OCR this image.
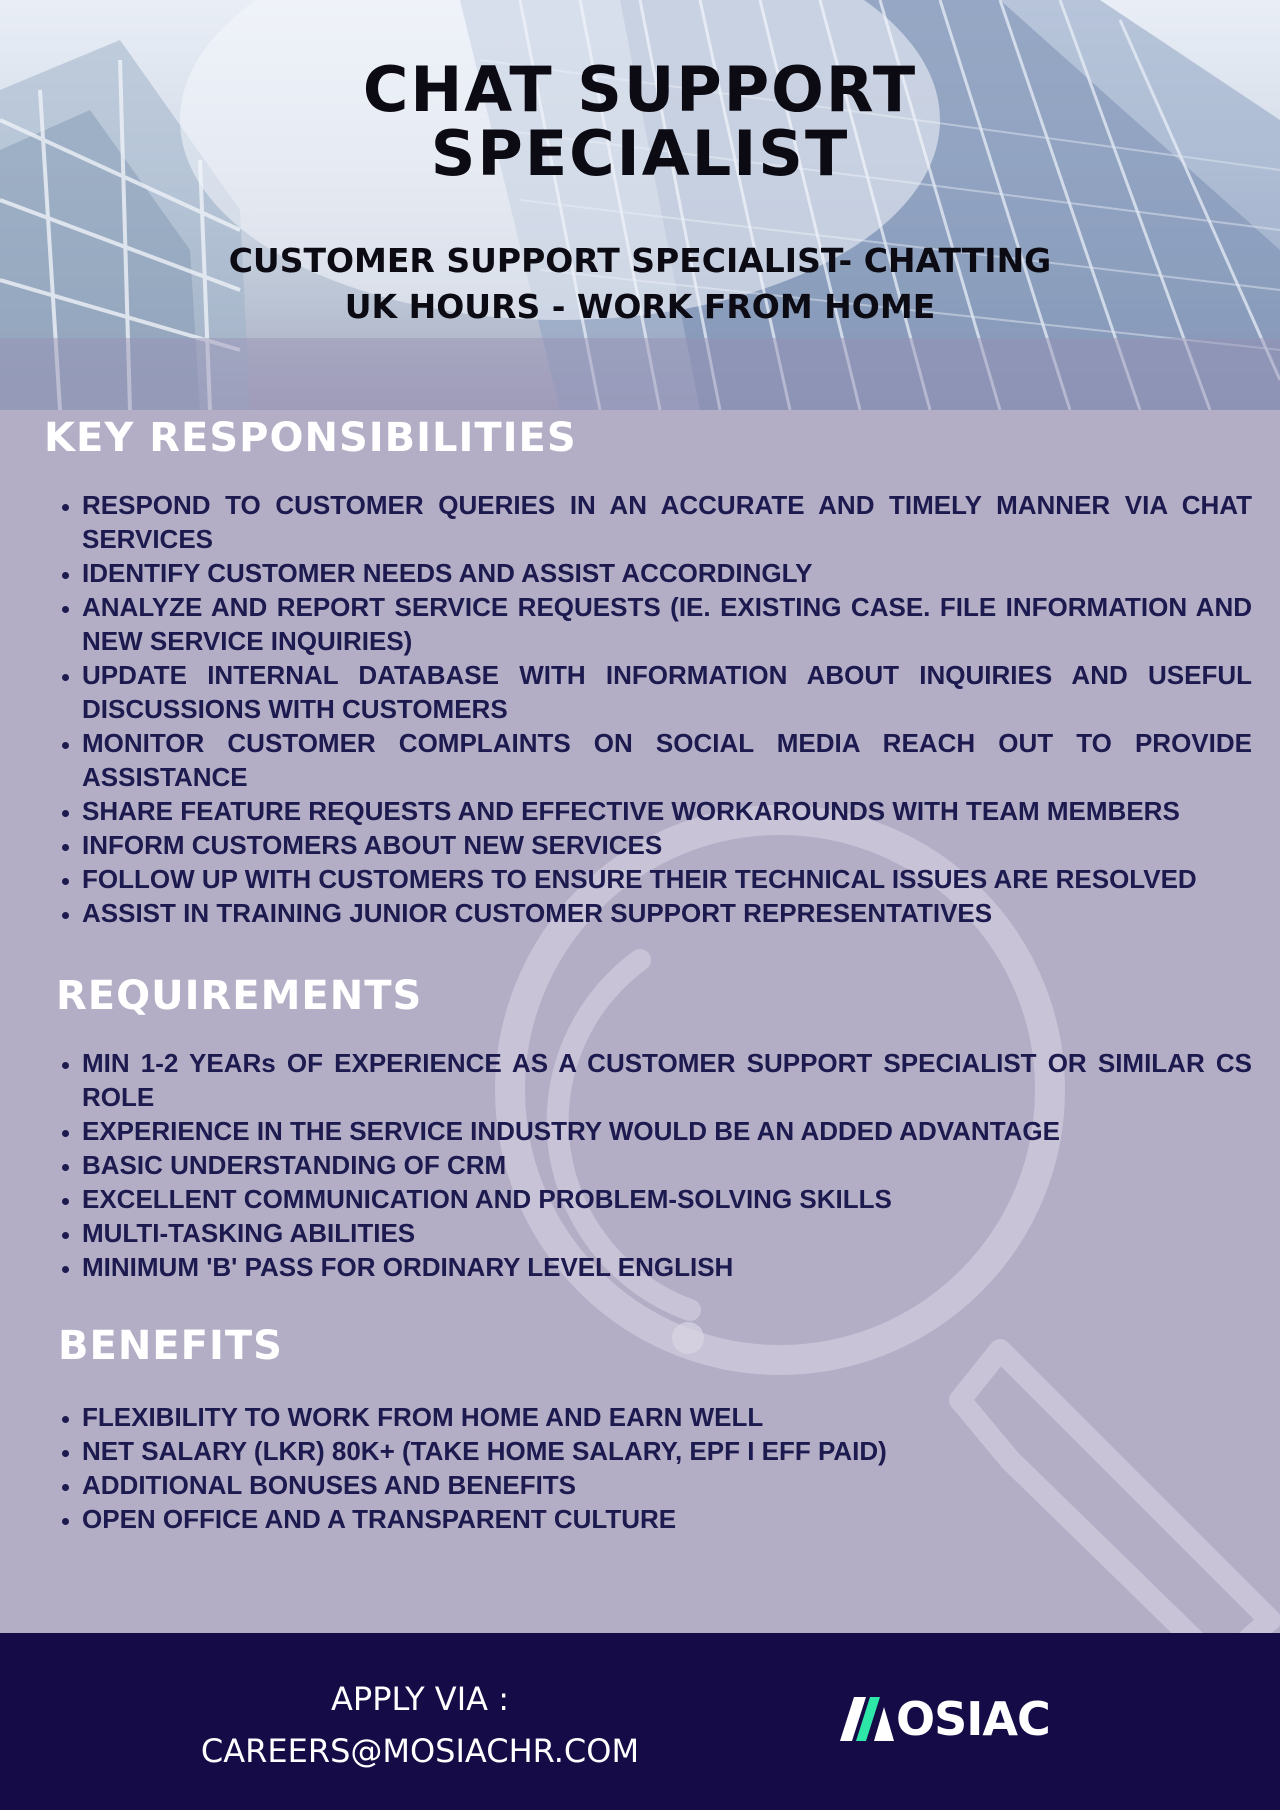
CHAT SUPPORT
SPECIALIST
CUSTOMER SUPPORT SPECIALIST- CHATTING
UK HOURS - WORK FROM HOME
KEY RESPONSIBILITIES
• RESPOND TO CUSTOMER QUERIES IN AN ACCURATE AND TIMELY MANNER VIA CHAT SERVICES
• IDENTIFY CUSTOMER NEEDS AND ASSIST ACCORDINGLY
• ANALYZE AND REPORT SERVICE REQUESTS (IE. EXISTING CASE. FILE INFORMATION AND NEW SERVICE INQUIRIES)
• UPDATE INTERNAL DATABASE WITH INFORMATION ABOUT INQUIRIES AND USEFUL DISCUSSIONS WITH CUSTOMERS
• MONITOR CUSTOMER COMPLAINTS ON SOCIAL MEDIA REACH OUT TO PROVIDE ASSISTANCE
• SHARE FEATURE REQUESTS AND EFFECTIVE WORKAROUNDS WITH TEAM MEMBERS
• INFORM CUSTOMERS ABOUT NEW SERVICES
• FOLLOW UP WITH CUSTOMERS TO ENSURE THEIR TECHNICAL ISSUES ARE RESOLVED
• ASSIST IN TRAINING JUNIOR CUSTOMER SUPPORT REPRESENTATIVES
REQUIREMENTS
• MIN 1-2 YEARs OF EXPERIENCE AS A CUSTOMER SUPPORT SPECIALIST OR SIMILAR CS ROLE
• EXPERIENCE IN THE SERVICE INDUSTRY WOULD BE AN ADDED ADVANTAGE
• BASIC UNDERSTANDING OF CRM
• EXCELLENT COMMUNICATION AND PROBLEM-SOLVING SKILLS
• MULTI-TASKING ABILITIES
• MINIMUM 'B' PASS FOR ORDINARY LEVEL ENGLISH
BENEFITS
• FLEXIBILITY TO WORK FROM HOME AND EARN WELL
• NET SALARY (LKR) 80K+ (TAKE HOME SALARY, EPF I EFF PAID)
• ADDITIONAL BONUSES AND BENEFITS
• OPEN OFFICE AND A TRANSPARENT CULTURE

APPLY VIA :
CAREERS@MOSIACHR.COM

OSIAC
